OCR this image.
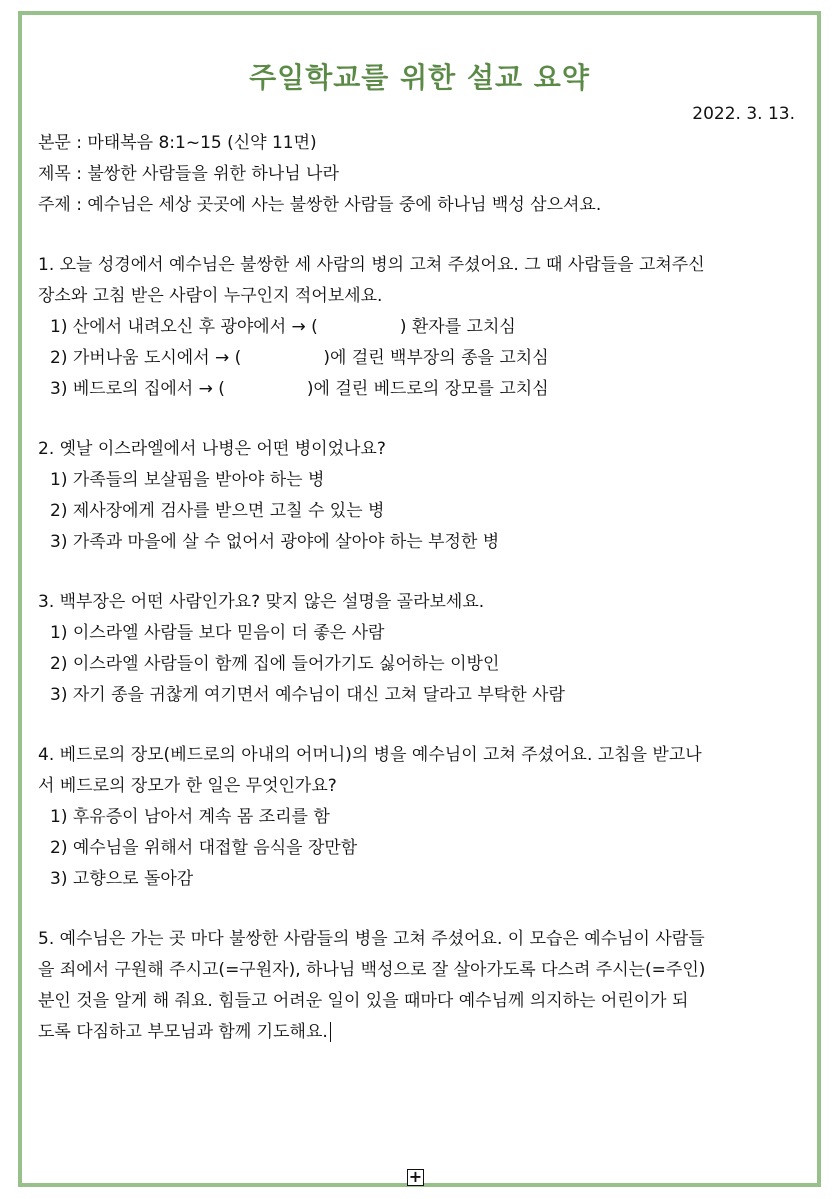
주일학교를 위한 설교 요약
2022. 3. 13.
본문 : 마태복음 8:1~15 (신약 11면)
제목 : 불쌍한 사람들을 위한 하나님 나라
주제 : 예수님은 세상 곳곳에 사는 불쌍한 사람들 중에 하나님 백성 삼으셔요.
1. 오늘 성경에서 예수님은 불쌍한 세 사람의 병의 고쳐 주셨어요. 그 때 사람들을 고쳐주신
장소와 고침 받은 사람이 누구인지 적어보세요.
1) 산에서 내려오신 후 광야에서 → (	) 환자를 고치심
2) 가버나움 도시에서 → (	)에 걸린 백부장의 종을 고치심
3) 베드로의 집에서 → (	)에 걸린 베드로의 장모를 고치심
2. 옛날 이스라엘에서 나병은 어떤 병이었나요?
1) 가족들의 보살핌을 받아야 하는 병
2) 제사장에게 검사를 받으면 고칠 수 있는 병
3) 가족과 마을에 살 수 없어서 광야에 살아야 하는 부정한 병
3. 백부장은 어떤 사람인가요? 맞지 않은 설명을 골라보세요.
1) 이스라엘 사람들 보다 믿음이 더 좋은 사람
2) 이스라엘 사람들이 함께 집에 들어가기도 싫어하는 이방인
3) 자기 종을 귀찮게 여기면서 예수님이 대신 고쳐 달라고 부탁한 사람
4. 베드로의 장모(베드로의 아내의 어머니)의 병을 예수님이 고쳐 주셨어요. 고침을 받고나
서 베드로의 장모가 한 일은 무엇인가요?
1) 후유증이 남아서 계속 몸 조리를 함
2) 예수님을 위해서 대접할 음식을 장만함
3) 고향으로 돌아감
5. 예수님은 가는 곳 마다 불쌍한 사람들의 병을 고쳐 주셨어요. 이 모습은 예수님이 사람들
을 죄에서 구원해 주시고(=구원자), 하나님 백성으로 잘 살아가도록 다스려 주시는(=주인)
분인 것을 알게 해 줘요. 힘들고 어려운 일이 있을 때마다 예수님께 의지하는 어린이가 되
도록 다짐하고 부모님과 함께 기도해요.
+
